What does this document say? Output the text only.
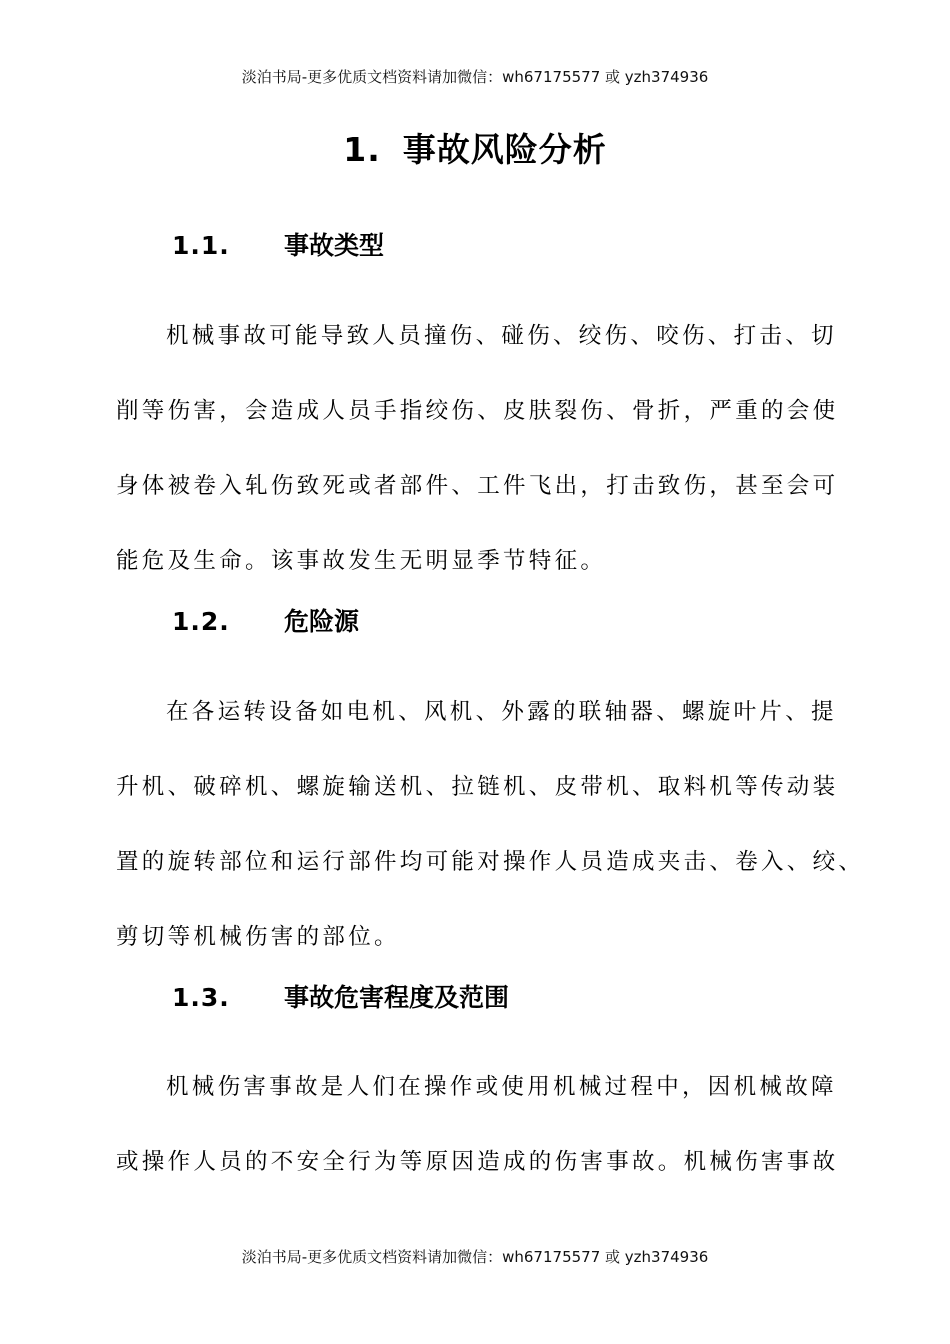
淡泊书局-更多优质文档资料请加微信：wh67175577 或 yzh374936
1. 事故风险分析
1.1. 事故类型
机械事故可能导致人员撞伤、碰伤、绞伤、咬伤、打击、切
削等伤害，会造成人员手指绞伤、皮肤裂伤、骨折，严重的会使
身体被卷入轧伤致死或者部件、工件飞出，打击致伤，甚至会可
能危及生命。该事故发生无明显季节特征。
1.2. 危险源
在各运转设备如电机、风机、外露的联轴器、螺旋叶片、提
升机、破碎机、螺旋输送机、拉链机、皮带机、取料机等传动装
置的旋转部位和运行部件均可能对操作人员造成夹击、卷入、绞、
剪切等机械伤害的部位。
1.3. 事故危害程度及范围
机械伤害事故是人们在操作或使用机械过程中，因机械故障
或操作人员的不安全行为等原因造成的伤害事故。机械伤害事故
淡泊书局-更多优质文档资料请加微信：wh67175577 或 yzh374936
